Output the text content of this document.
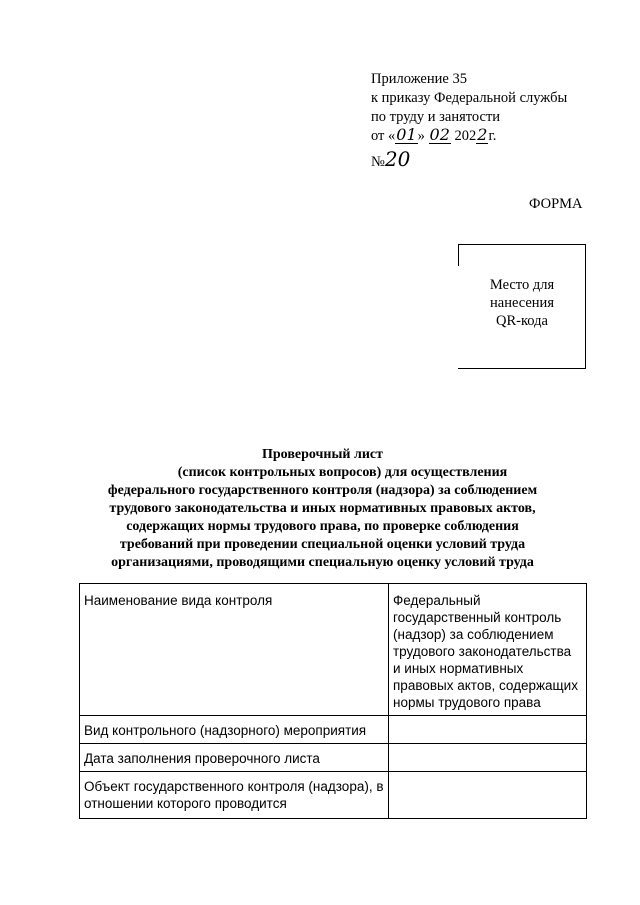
Приложение 35
к приказу Федеральной службы
по труду и занятости
от «01» 02 2022г.
№20
ФОРМА
Место для
нанесения
QR-кода
Проверочный лист
(список контрольных вопросов) для осуществления федерального государственного контроля (надзора) за соблюдением трудового законодательства и иных нормативных правовых актов, содержащих нормы трудового права, по проверке соблюдения требований при проведении специальной оценки условий труда организациями, проводящими специальную оценку условий труда
Наименование вида контроля	Федеральный государственный контроль (надзор) за соблюдением трудового законодательства и иных нормативных правовых актов, содержащих нормы трудового права
Вид контрольного (надзорного) мероприятия	
Дата заполнения проверочного листа	
Объект государственного контроля (надзора), в отношении которого проводится	
